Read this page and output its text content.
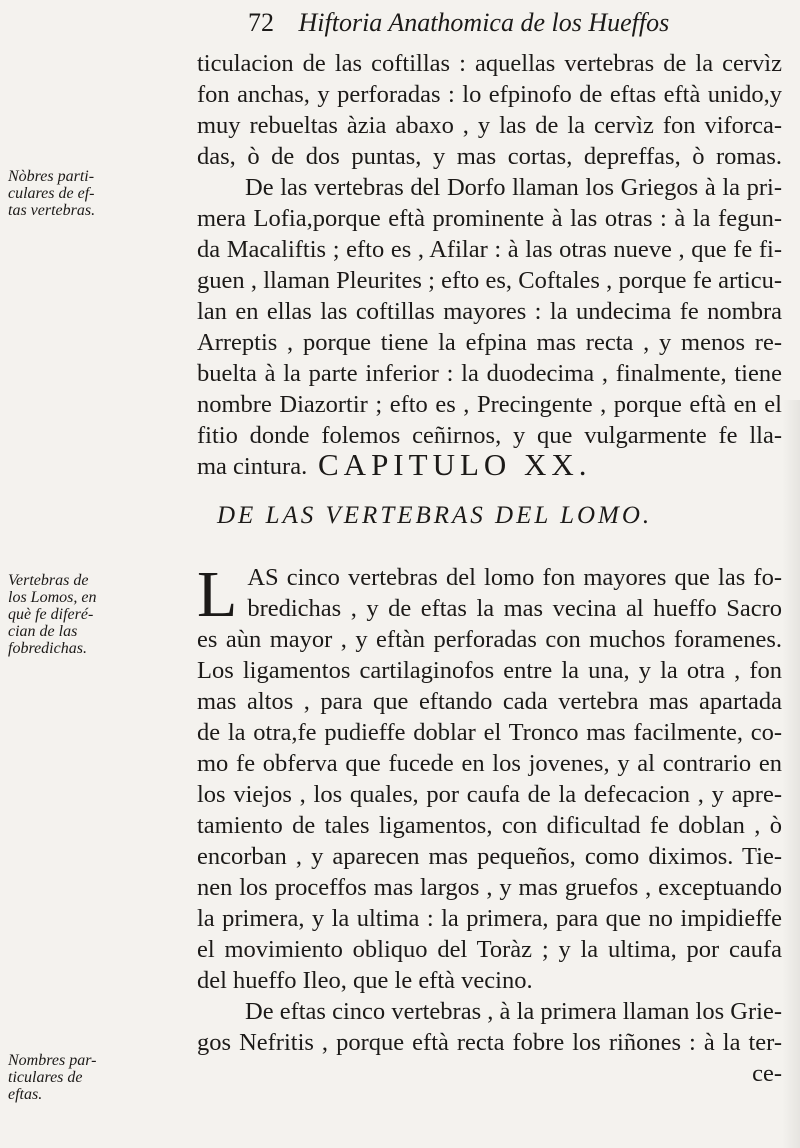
72 Hiftoria Anathomica de los Hueffos
Nòbres parti-
culares de ef-
tas vertebras.
ticulacion de las coftillas : aquellas vertebras de la cervìz
fon anchas, y perforadas : lo efpinofo de eftas eftà unido,y
muy rebueltas àzia abaxo , y las de la cervìz fon viforca-
das, ò de dos puntas, y mas cortas, depreffas, ò romas.
De las vertebras del Dorfo llaman los Griegos à la pri-
mera Lofia,porque eftà prominente à las otras : à la fegun-
da Macaliftis ; efto es , Afilar : à las otras nueve , que fe fi-
guen , llaman Pleurites ; efto es, Coftales , porque fe articu-
lan en ellas las coftillas mayores : la undecima fe nombra
Arreptis , porque tiene la efpina mas recta , y menos re-
buelta à la parte inferior : la duodecima , finalmente, tiene
nombre Diazortir ; efto es , Precingente , porque eftà en el
fitio donde folemos ceñirnos, y que vulgarmente fe lla-
ma cintura. CAPITULO XX.
DE LAS VERTEBRAS DEL LOMO.
Vertebras de
los Lomos, en
què fe diferé-
cian de las
fobredichas.
L AS cinco vertebras del lomo fon mayores que las fo-
bredichas , y de eftas la mas vecina al hueffo Sacro
es aùn mayor , y eftàn perforadas con muchos foramenes.
Los ligamentos cartilaginofos entre la una, y la otra , fon
mas altos , para que eftando cada vertebra mas apartada
de la otra,fe pudieffe doblar el Tronco mas facilmente, co-
mo fe obferva que fucede en los jovenes, y al contrario en
los viejos , los quales, por caufa de la defecacion , y apre-
tamiento de tales ligamentos, con dificultad fe doblan , ò
encorban , y aparecen mas pequeños, como diximos. Tie-
nen los proceffos mas largos , y mas gruefos , exceptuando
la primera, y la ultima : la primera, para que no impidieffe
el movimiento obliquo del Toràz ; y la ultima, por caufa
del hueffo Ileo, que le eftà vecino.
De eftas cinco vertebras , à la primera llaman los Grie-
gos Nefritis , porque eftà recta fobre los riñones : à la ter-
ce-
Nombres par-
ticulares de
eftas.
